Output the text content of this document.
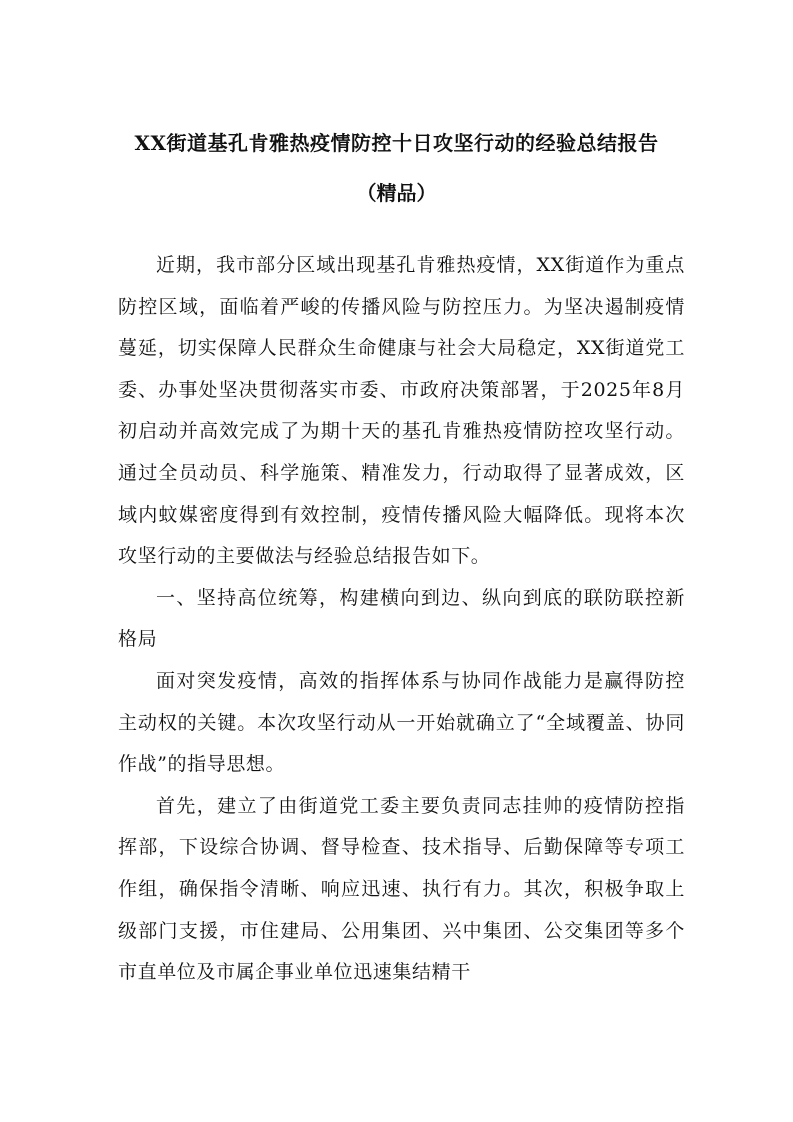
XX街道基孔肯雅热疫情防控十日攻坚行动的经验总结报告
（精品）

近期，我市部分区域出现基孔肯雅热疫情，XX街道作为重点防控区域，面临着严峻的传播风险与防控压力。为坚决遏制疫情蔓延，切实保障人民群众生命健康与社会大局稳定，XX街道党工委、办事处坚决贯彻落实市委、市政府决策部署，于2025年8月初启动并高效完成了为期十天的基孔肯雅热疫情防控攻坚行动。通过全员动员、科学施策、精准发力，行动取得了显著成效，区域内蚊媒密度得到有效控制，疫情传播风险大幅降低。现将本次攻坚行动的主要做法与经验总结报告如下。

一、坚持高位统筹，构建横向到边、纵向到底的联防联控新格局

面对突发疫情，高效的指挥体系与协同作战能力是赢得防控主动权的关键。本次攻坚行动从一开始就确立了“全域覆盖、协同作战”的指导思想。

首先，建立了由街道党工委主要负责同志挂帅的疫情防控指挥部，下设综合协调、督导检查、技术指导、后勤保障等专项工作组，确保指令清晰、响应迅速、执行有力。其次，积极争取上级部门支援，市住建局、公用集团、兴中集团、公交集团等多个市直单位及市属企事业单位迅速集结精干
